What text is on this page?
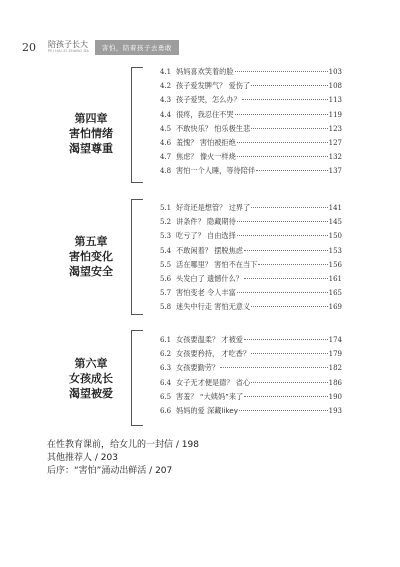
20	陪孩子长大
PEI HAI ZI ZHANG DA	害怕，陪着孩子去勇敢
第四章
害怕情绪
渴望尊重
4.1 妈妈喜欢笑着的脸	103
4.2 孩子爱发脾气？ 爱伤了	108
4.3 孩子爱哭，怎么办？	113
4.4 很疼，我忍住不哭	119
4.5 不敢快乐？ 怕乐极生悲	123
4.6 羞愧？ 害怕被拒绝	127
4.7 焦虑？ 像火一样烧	132
4.8 害怕一个人睡，等待陪伴	137
第五章
害怕变化
渴望安全
5.1 好奇还是想管？ 过界了	141
5.2 讲条件？ 隐藏期待	145
5.3 吃亏了？ 自由选择	150
5.4 不敢闲着？ 摆脱焦虑	153
5.5 活在哪里？ 害怕不在当下	156
5.6 头发白了 遗憾什么？	161
5.7 害怕变老 令人丰富	165
5.8 迷失中行走 害怕无意义	169
第六章
女孩成长
渴望被爱
6.1 女孩要温柔？ 才被爱	174
6.2 女孩要矜持， 才吃香？	179
6.3 女孩要勤劳？	182
6.4 女子无才便是德？ 省心	186
6.5 害羞？ “大姨妈”来了	190
6.6 妈妈的爱 深藏likey	193
在性教育课前，给女儿的一封信 / 198
其他推荐人 / 203
后序：“害怕”涌动出鲜活 / 207
